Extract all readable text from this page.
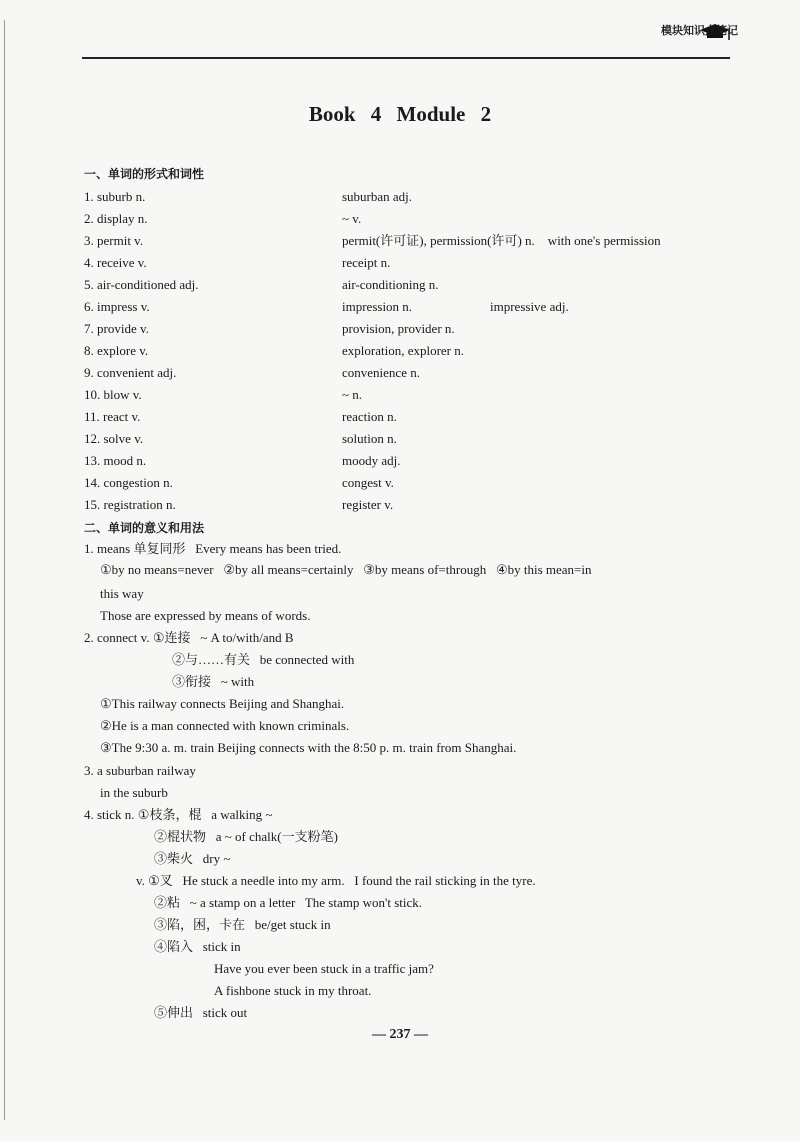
模块知识点笔记
Book 4 Module 2
一、单词的形式和词性
1. suburb n.	suburban adj.
2. display n.	~ v.
3. permit v.	permit(许可证), permission(许可) n.    with one's permission
4. receive v.	receipt n.
5. air-conditioned adj.	air-conditioning n.
6. impress v.	impression n.	impressive adj.
7. provide v.	provision, provider n.
8. explore v.	exploration, explorer n.
9. convenient adj.	convenience n.
10. blow v.	~ n.
11. react v.	reaction n.
12. solve v.	solution n.
13. mood n.	moody adj.
14. congestion n.	congest v.
15. registration n.	register v.
二、单词的意义和用法
1. means 单复同形   Every means has been tried.
①by no means=never   ②by all means=certainly   ③by means of=through   ④by this mean=in
this way
Those are expressed by means of words.
2. connect v. ①连接   ~ A to/with/and B
②与……有关   be connected with
③衔接   ~ with
①This railway connects Beijing and Shanghai.
②He is a man connected with known criminals.
③The 9:30 a. m. train Beijing connects with the 8:50 p. m. train from Shanghai.
3. a suburban railway
in the suburb
4. stick n. ①枝条，棍   a walking ~
②棍状物   a ~ of chalk(一支粉笔)
③柴火   dry ~
v. ①叉   He stuck a needle into my arm.   I found the rail sticking in the tyre.
②粘   ~ a stamp on a letter   The stamp won't stick.
③陷，困，卡在   be/get stuck in
④陷入   stick in
Have you ever been stuck in a traffic jam?
A fishbone stuck in my throat.
⑤伸出   stick out
— 237 —
